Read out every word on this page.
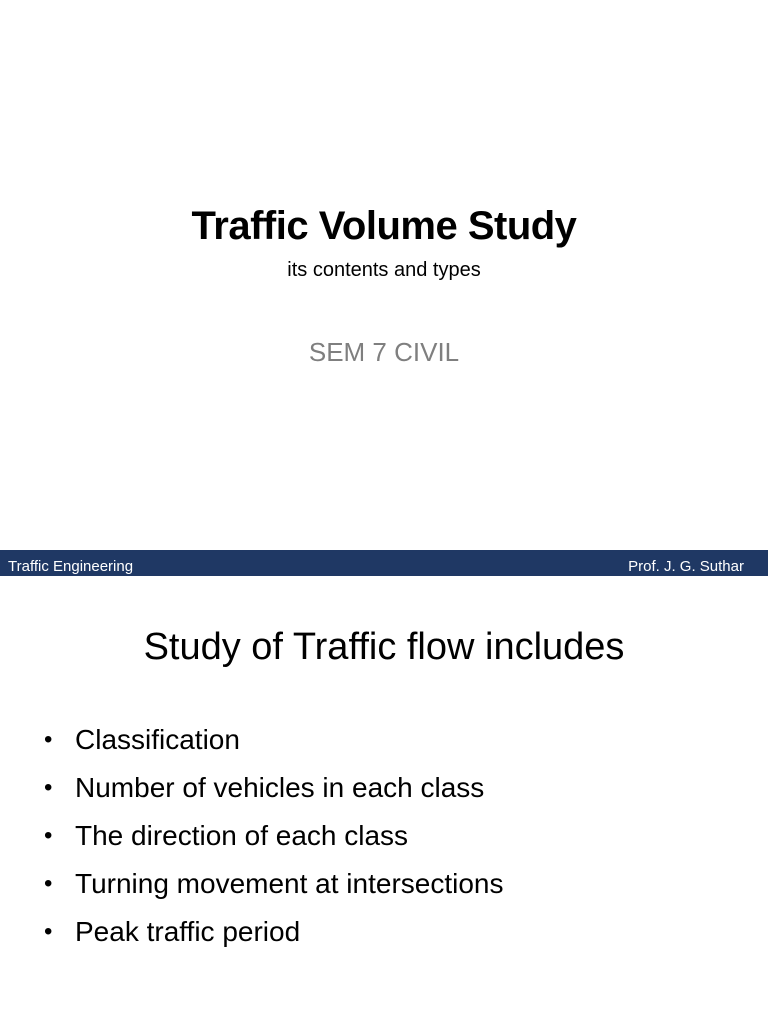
Traffic Volume Study
its contents and types
SEM 7 CIVIL
Traffic Engineering	Prof. J. G. Suthar
Study of Traffic flow includes
• Classification
• Number of vehicles in each class
• The direction of each class
• Turning movement at intersections
• Peak traffic period
